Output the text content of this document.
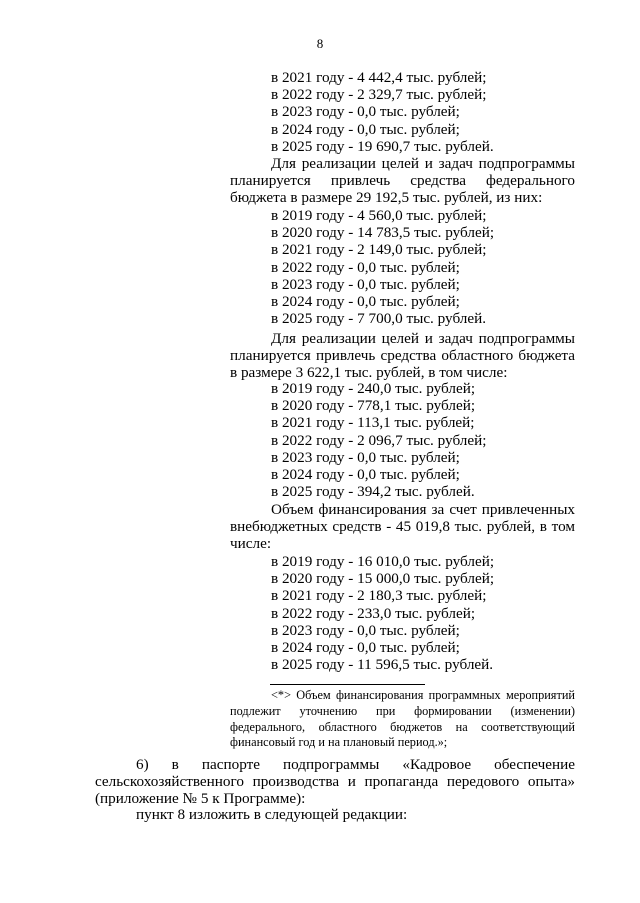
8
в 2021 году - 4 442,4 тыс. рублей;
в 2022 году - 2 329,7 тыс. рублей;
в 2023 году - 0,0 тыс. рублей;
в 2024 году - 0,0 тыс. рублей;
в 2025 году - 19 690,7 тыс. рублей.
Для реализации целей и задач подпрограммы
планируется привлечь средства федерального
бюджета в размере 29 192,5 тыс. рублей, из них:
в 2019 году - 4 560,0 тыс. рублей;
в 2020 году - 14 783,5 тыс. рублей;
в 2021 году - 2 149,0 тыс. рублей;
в 2022 году - 0,0 тыс. рублей;
в 2023 году - 0,0 тыс. рублей;
в 2024 году - 0,0 тыс. рублей;
в 2025 году - 7 700,0 тыс. рублей.
Для реализации целей и задач подпрограммы
планируется привлечь средства областного бюджета
в размере 3 622,1 тыс. рублей, в том числе:
в 2019 году - 240,0 тыс. рублей;
в 2020 году - 778,1 тыс. рублей;
в 2021 году - 113,1 тыс. рублей;
в 2022 году - 2 096,7 тыс. рублей;
в 2023 году - 0,0 тыс. рублей;
в 2024 году - 0,0 тыс. рублей;
в 2025 году - 394,2 тыс. рублей.
Объем финансирования за счет привлеченных
внебюджетных средств - 45 019,8 тыс. рублей, в том
числе:
в 2019 году - 16 010,0 тыс. рублей;
в 2020 году - 15 000,0 тыс. рублей;
в 2021 году - 2 180,3 тыс. рублей;
в 2022 году - 233,0 тыс. рублей;
в 2023 году - 0,0 тыс. рублей;
в 2024 году - 0,0 тыс. рублей;
в 2025 году - 11 596,5 тыс. рублей.
<*> Объем финансирования программных мероприятий
подлежит уточнению при формировании (изменении)
федерального, областного бюджетов на соответствующий
финансовый год и на плановый период.»;
6) в паспорте подпрограммы «Кадровое обеспечение
сельскохозяйственного производства и пропаганда передового опыта»
(приложение № 5 к Программе):
пункт 8 изложить в следующей редакции:
